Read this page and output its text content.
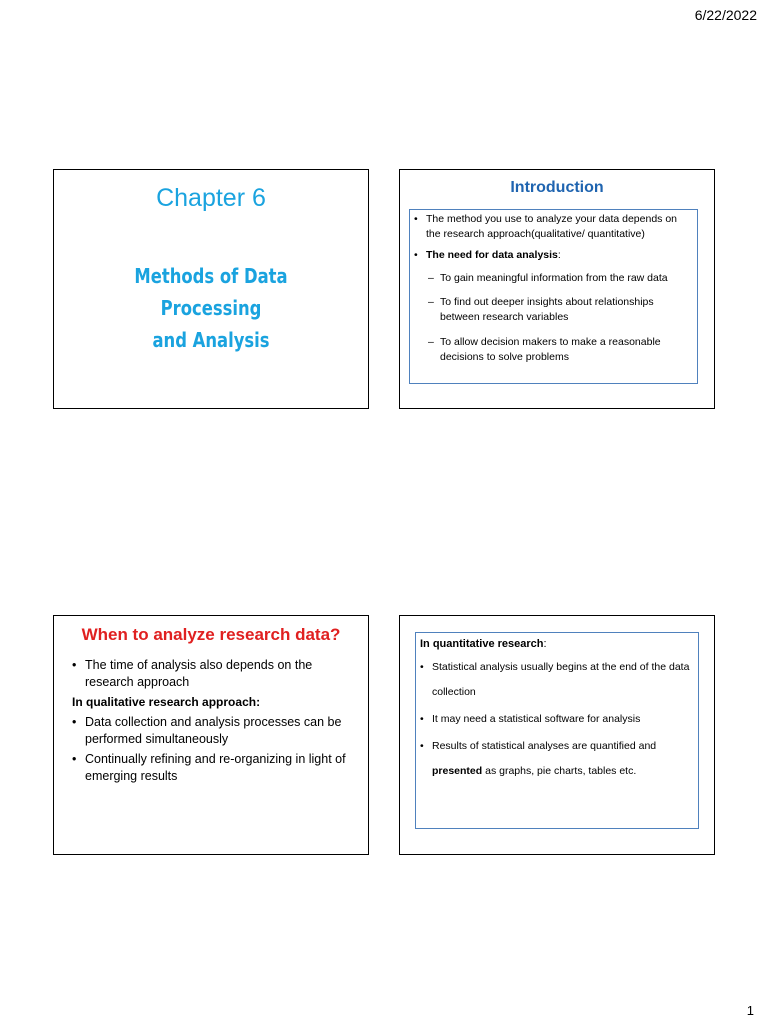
6/22/2022
Chapter 6
Methods of Data Processing
and Analysis
Introduction
• The method you use to analyze your data depends on the research approach(qualitative/ quantitative)
• The need for data analysis:
– To gain meaningful information from the raw data
– To find out deeper insights about relationships between research variables
– To allow decision makers to make a reasonable decisions to solve problems
When to analyze research data?
• The time of analysis also depends on the research approach
In qualitative research approach:
• Data collection and analysis processes can be performed simultaneously
• Continually refining and re-organizing in light of emerging results
In quantitative research:
• Statistical analysis usually begins at the end of the data
collection
• It may need a statistical software for analysis
• Results of statistical analyses are quantified and
presented as graphs, pie charts, tables etc.
1
